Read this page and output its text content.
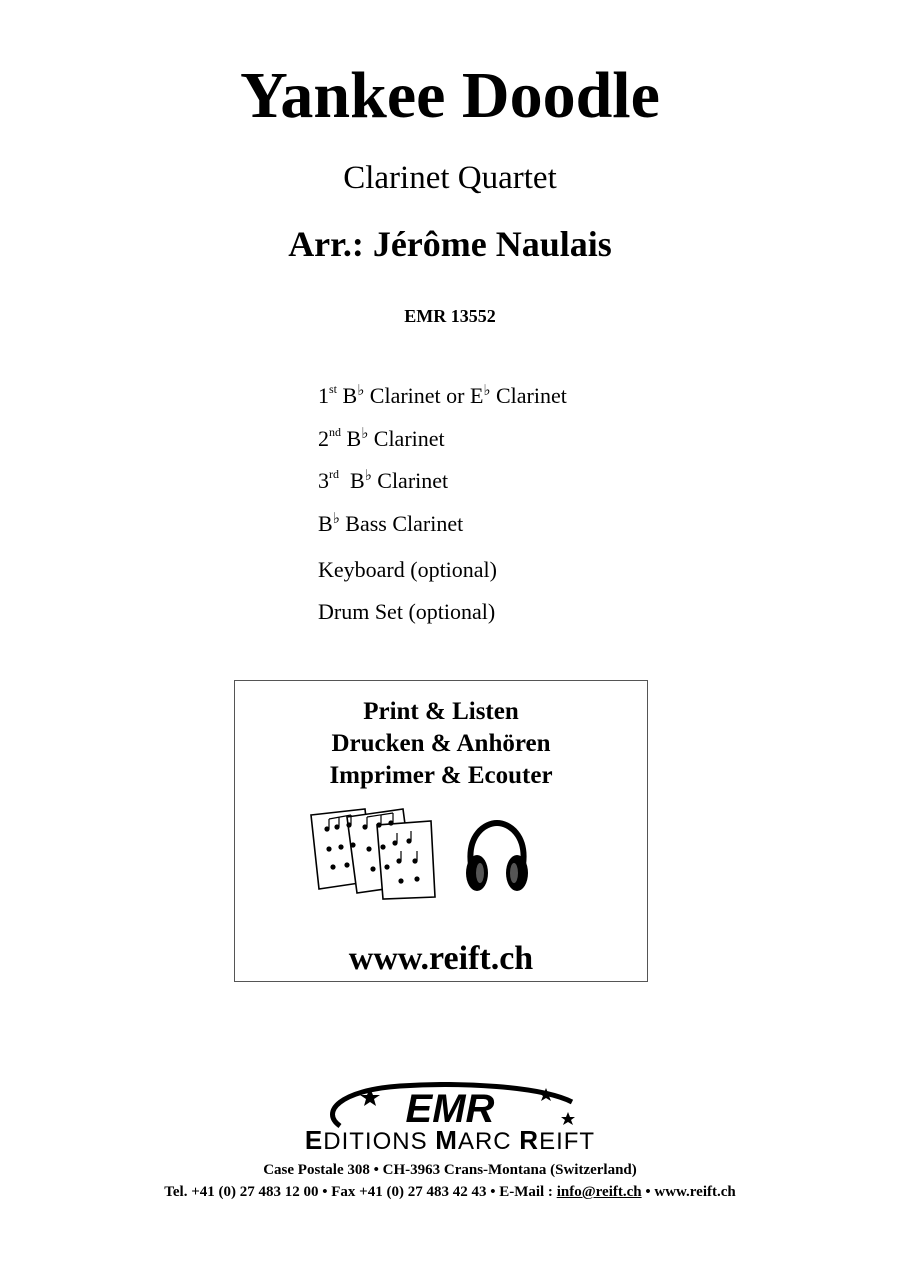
Yankee Doodle
Clarinet Quartet
Arr.: Jérôme Naulais
EMR 13552
1st B♭ Clarinet or E♭ Clarinet
2nd B♭ Clarinet
3rd B♭ Clarinet
B♭ Bass Clarinet
Keyboard (optional)
Drum Set (optional)
Print & Listen
Drucken & Anhören
Imprimer & Ecouter
www.reift.ch
EMR
EDITIONS MARC REIFT
Case Postale 308 • CH-3963 Crans-Montana (Switzerland)
Tel. +41 (0) 27 483 12 00 • Fax +41 (0) 27 483 42 43 • E-Mail : info@reift.ch • www.reift.ch
